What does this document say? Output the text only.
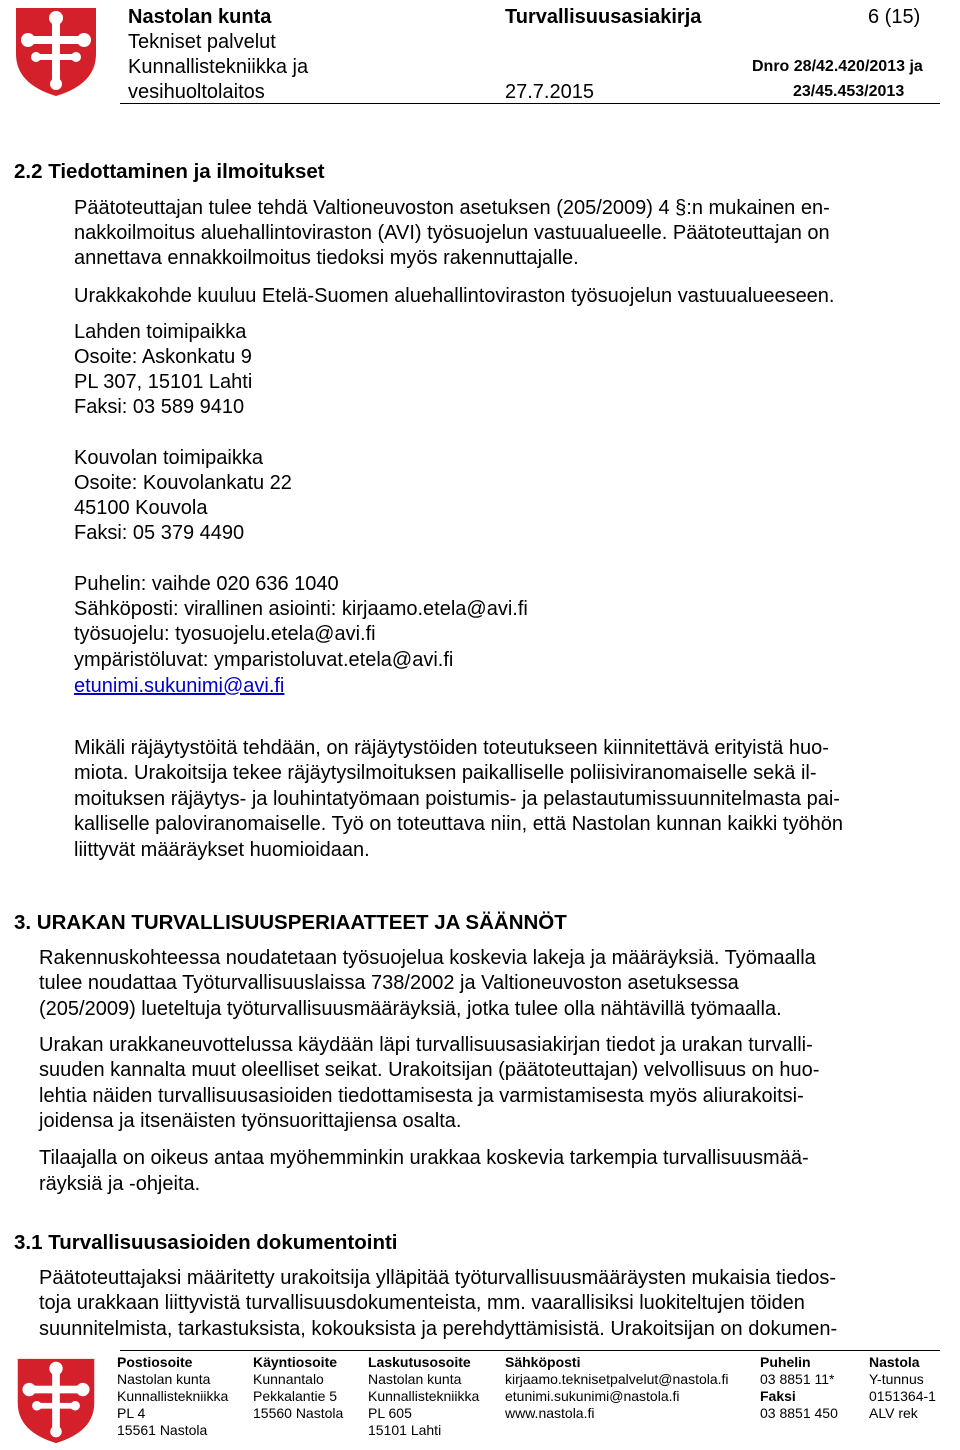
Nastolan kunta
Tekniset palvelut
Kunnallistekniikka ja
vesihuoltolaitos
Turvallisuusasiakirja
27.7.2015
6 (15)
Dnro 28/42.420/2013 ja
23/45.453/2013
2.2 Tiedottaminen ja ilmoitukset
Päätoteuttajan tulee tehdä Valtioneuvoston asetuksen (205/2009) 4 §:n mukainen en-
nakkoilmoitus aluehallintoviraston (AVI) työsuojelun vastuualueelle. Päätoteuttajan on
annettava ennakkoilmoitus tiedoksi myös rakennuttajalle.
Urakkakohde kuuluu Etelä-Suomen aluehallintoviraston työsuojelun vastuualueeseen.
Lahden toimipaikka
Osoite: Askonkatu 9
PL 307, 15101 Lahti
Faksi: 03 589 9410
Kouvolan toimipaikka
Osoite: Kouvolankatu 22
45100 Kouvola
Faksi: 05 379 4490
Puhelin: vaihde 020 636 1040
Sähköposti: virallinen asiointi: kirjaamo.etela@avi.fi
työsuojelu: tyosuojelu.etela@avi.fi
ympäristöluvat: ymparistoluvat.etela@avi.fi
etunimi.sukunimi@avi.fi
Mikäli räjäytystöitä tehdään, on räjäytystöiden toteutukseen kiinnitettävä erityistä huo-
miota. Urakoitsija tekee räjäytysilmoituksen paikalliselle poliisiviranomaiselle sekä il-
moituksen räjäytys- ja louhintatyömaan poistumis- ja pelastautumissuunnitelmasta pai-
kalliselle paloviranomaiselle. Työ on toteuttava niin, että Nastolan kunnan kaikki työhön
liittyvät määräykset huomioidaan.
3. URAKAN TURVALLISUUSPERIAATTEET JA SÄÄNNÖT
Rakennuskohteessa noudatetaan työsuojelua koskevia lakeja ja määräyksiä. Työmaalla
tulee noudattaa Työturvallisuuslaissa 738/2002 ja Valtioneuvoston asetuksessa
(205/2009) lueteltuja työturvallisuusmääräyksiä, jotka tulee olla nähtävillä työmaalla.
Urakan urakkaneuvottelussa käydään läpi turvallisuusasiakirjan tiedot ja urakan turvalli-
suuden kannalta muut oleelliset seikat. Urakoitsijan (päätoteuttajan) velvollisuus on huo-
lehtia näiden turvallisuusasioiden tiedottamisesta ja varmistamisesta myös aliurakoitsi-
joidensa ja itsenäisten työnsuorittajiensa osalta.
Tilaajalla on oikeus antaa myöhemminkin urakkaa koskevia tarkempia turvallisuusmää-
räyksiä ja -ohjeita.
3.1 Turvallisuusasioiden dokumentointi
Päätoteuttajaksi määritetty urakoitsija ylläpitää työturvallisuusmääräysten mukaisia tiedos-
toja urakkaan liittyvistä turvallisuusdokumenteista, mm. vaarallisiksi luokiteltujen töiden
suunnitelmista, tarkastuksista, kokouksista ja perehdyttämisistä. Urakoitsijan on dokumen-
Postiosoite
Nastolan kunta
Kunnallistekniikka
PL 4
15561 Nastola
Käyntiosoite
Kunnantalo
Pekkalantie 5
15560 Nastola
Laskutusosoite
Nastolan kunta
Kunnallistekniikka
PL 605
15101 Lahti
Sähköposti
kirjaamo.teknisetpalvelut@nastola.fi
etunimi.sukunimi@nastola.fi
www.nastola.fi
Puhelin
03 8851 11*
Faksi
03 8851 450
Nastola
Y-tunnus
0151364-1
ALV rek
